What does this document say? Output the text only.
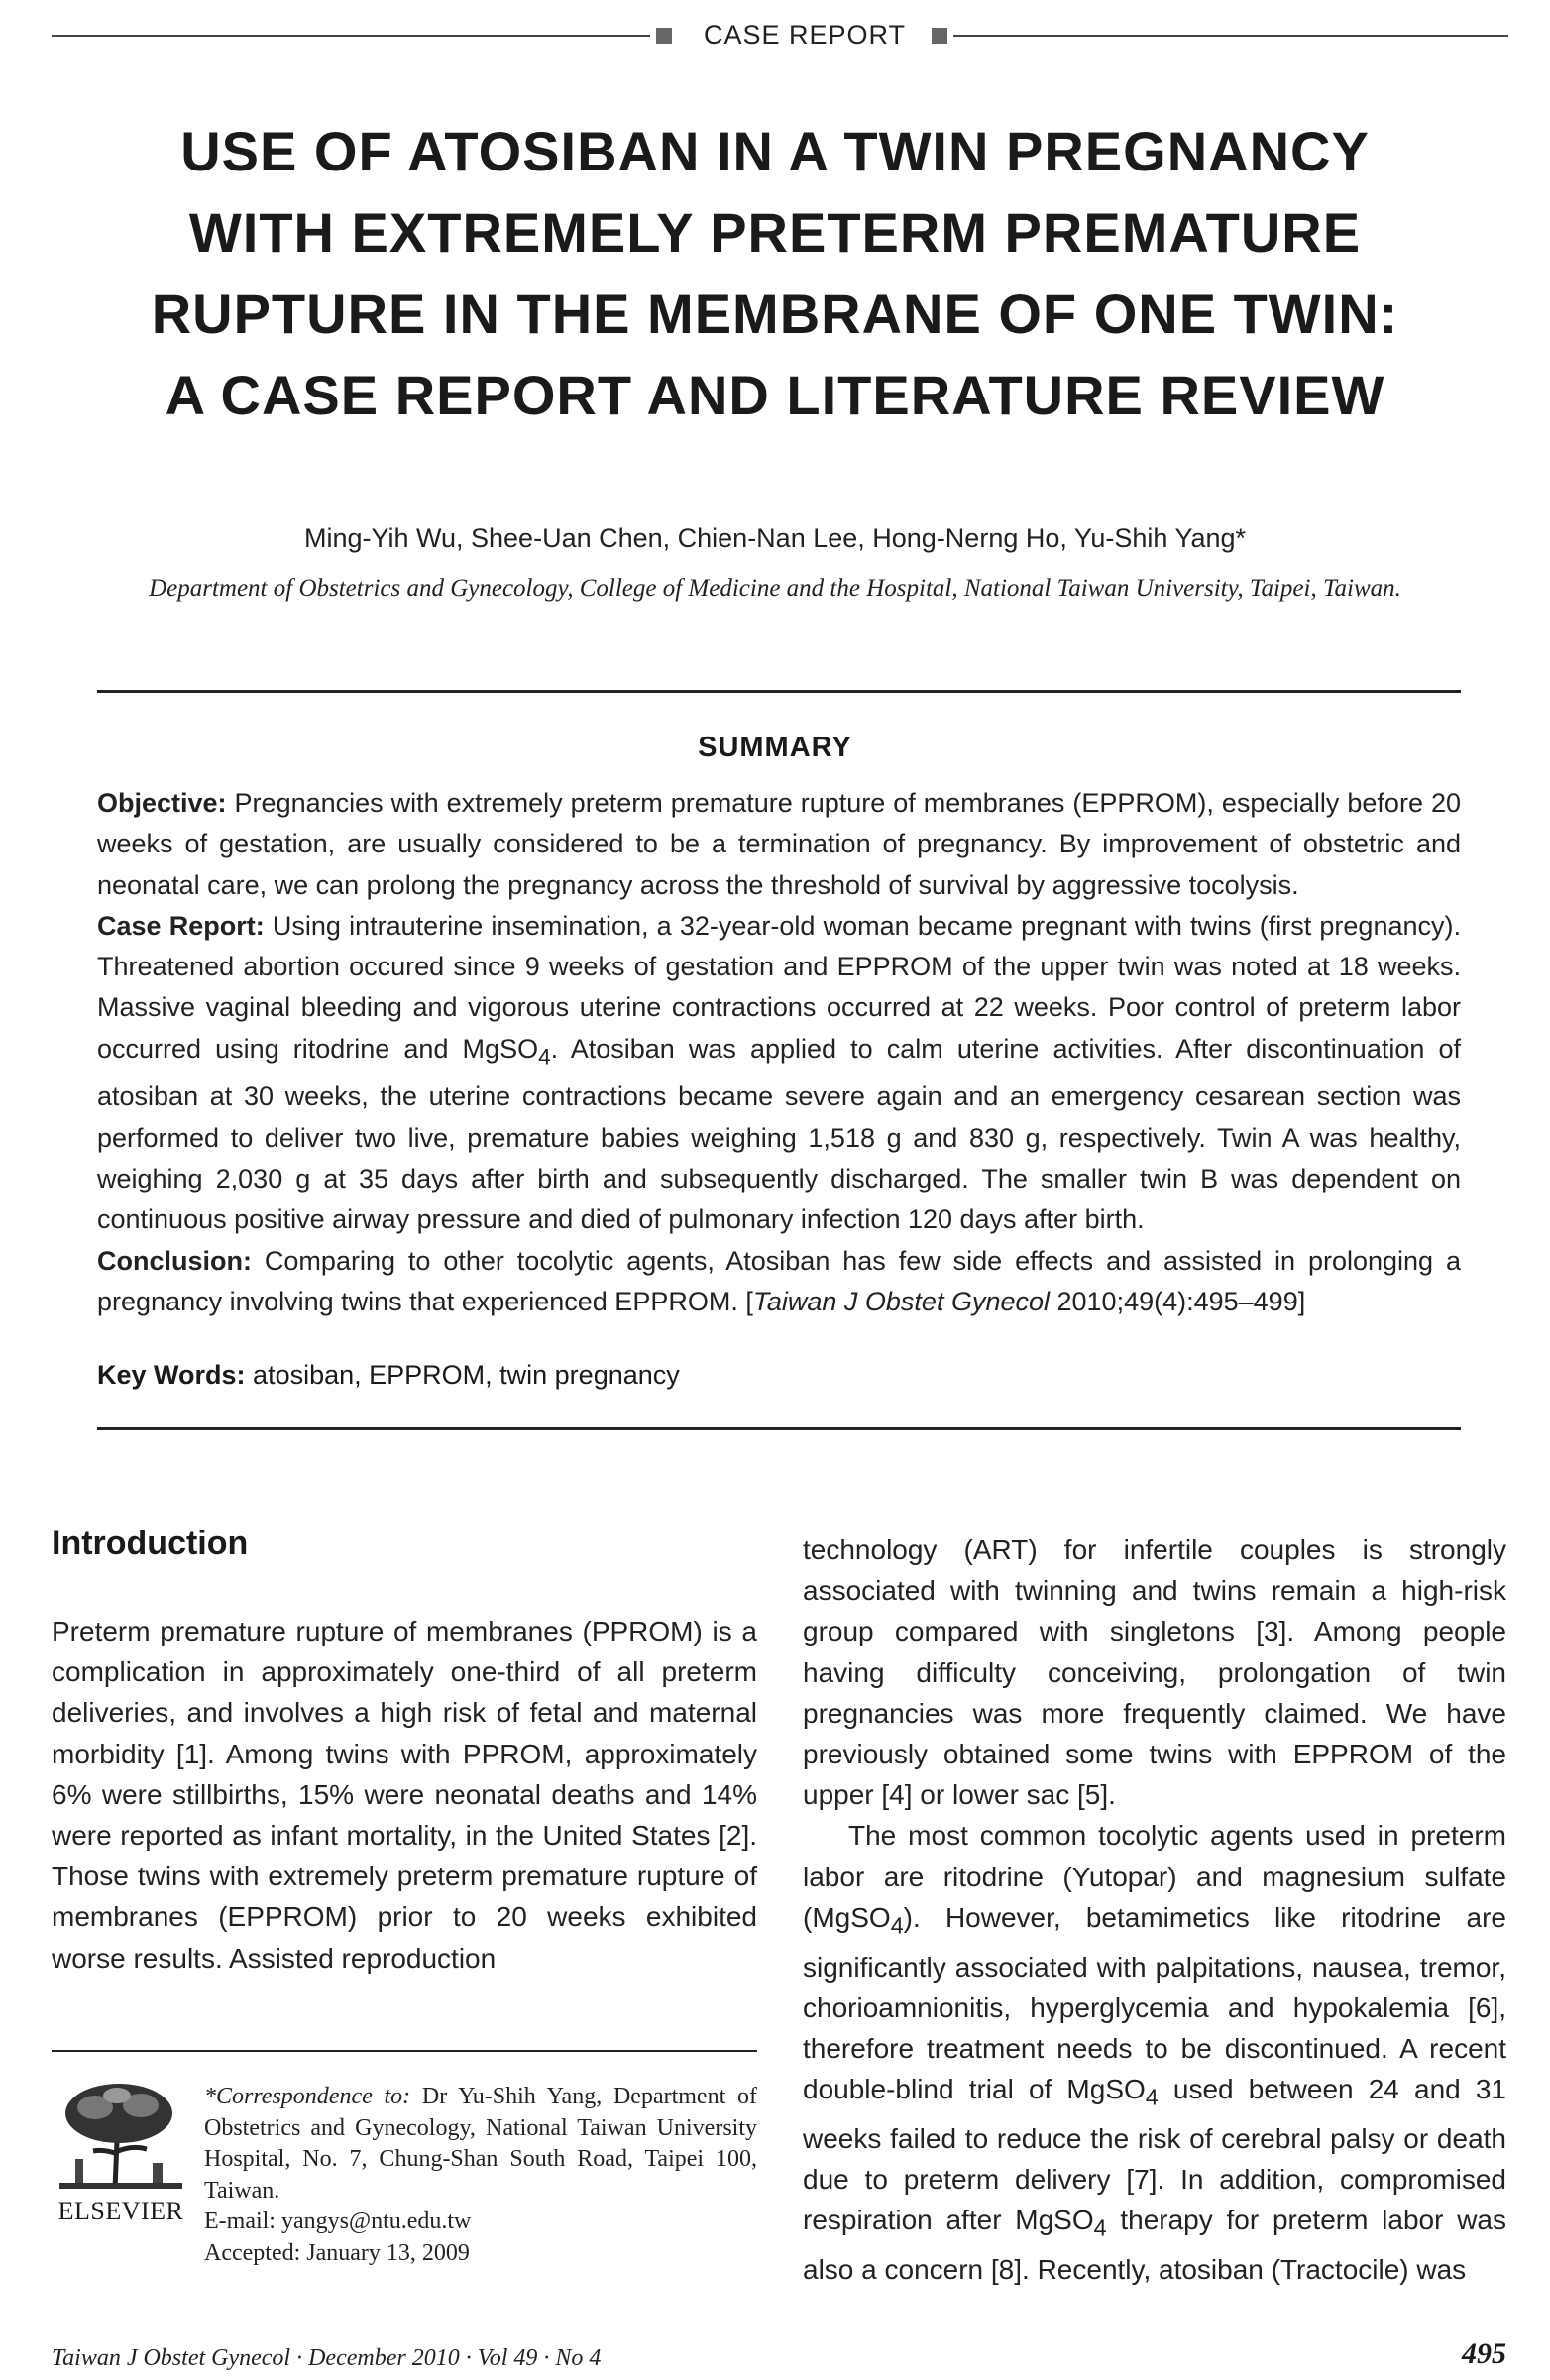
CASE REPORT
USE OF ATOSIBAN IN A TWIN PREGNANCY
WITH EXTREMELY PRETERM PREMATURE
RUPTURE IN THE MEMBRANE OF ONE TWIN:
A CASE REPORT AND LITERATURE REVIEW
Ming-Yih Wu, Shee-Uan Chen, Chien-Nan Lee, Hong-Nerng Ho, Yu-Shih Yang*
Department of Obstetrics and Gynecology, College of Medicine and the Hospital, National Taiwan University, Taipei, Taiwan.
SUMMARY

Objective: Pregnancies with extremely preterm premature rupture of membranes (EPPROM), especially before 20 weeks of gestation, are usually considered to be a termination of pregnancy. By improvement of obstetric and neonatal care, we can prolong the pregnancy across the threshold of survival by aggressive tocolysis.

Case Report: Using intrauterine insemination, a 32-year-old woman became pregnant with twins (first pregnancy). Threatened abortion occured since 9 weeks of gestation and EPPROM of the upper twin was noted at 18 weeks. Massive vaginal bleeding and vigorous uterine contractions occurred at 22 weeks. Poor control of preterm labor occurred using ritodrine and MgSO$_4$. Atosiban was applied to calm uterine activities. After discontinuation of atosiban at 30 weeks, the uterine contractions became severe again and an emergency cesarean section was performed to deliver two live, premature babies weighing 1,518 g and 830 g, respectively. Twin A was healthy, weighing 2,030 g at 35 days after birth and subsequently discharged. The smaller twin B was dependent on continuous positive airway pressure and died of pulmonary infection 120 days after birth.

Conclusion: Comparing to other tocolytic agents, Atosiban has few side effects and assisted in prolonging a pregnancy involving twins that experienced EPPROM. [Taiwan J Obstet Gynecol 2010;49(4):495–499]

Key Words: atosiban, EPPROM, twin pregnancy
Introduction

Preterm premature rupture of membranes (PPROM) is a complication in approximately one-third of all preterm deliveries, and involves a high risk of fetal and maternal morbidity [1]. Among twins with PPROM, approximately 6% were stillbirths, 15% were neonatal deaths and 14% were reported as infant mortality, in the United States [2]. Those twins with extremely preterm premature rupture of membranes (EPPROM) prior to 20 weeks exhibited worse results. Assisted reproduction

technology (ART) for infertile couples is strongly associated with twinning and twins remain a high-risk group compared with singletons [3]. Among people having difficulty conceiving, prolongation of twin pregnancies was more frequently claimed. We have previously obtained some twins with EPPROM of the upper [4] or lower sac [5].

The most common tocolytic agents used in preterm labor are ritodrine (Yutopar) and magnesium sulfate (MgSO$_4$). However, betamimetics like ritodrine are significantly associated with palpitations, nausea, tremor, chorioamnionitis, hyperglycemia and hypokalemia [6], therefore treatment needs to be discontinued. A recent double-blind trial of MgSO$_4$ used between 24 and 31 weeks failed to reduce the risk of cerebral palsy or death due to preterm delivery [7]. In addition, compromised respiration after MgSO$_4$ therapy for preterm labor was also a concern [8]. Recently, atosiban (Tractocile) was

ELSEVIER
*Correspondence to: Dr Yu-Shih Yang, Department of Obstetrics and Gynecology, National Taiwan University Hospital, No. 7, Chung-Shan South Road, Taipei 100, Taiwan.
E-mail: yangys@ntu.edu.tw
Accepted: January 13, 2009
Taiwan J Obstet Gynecol · December 2010 · Vol 49 · No 4	495
